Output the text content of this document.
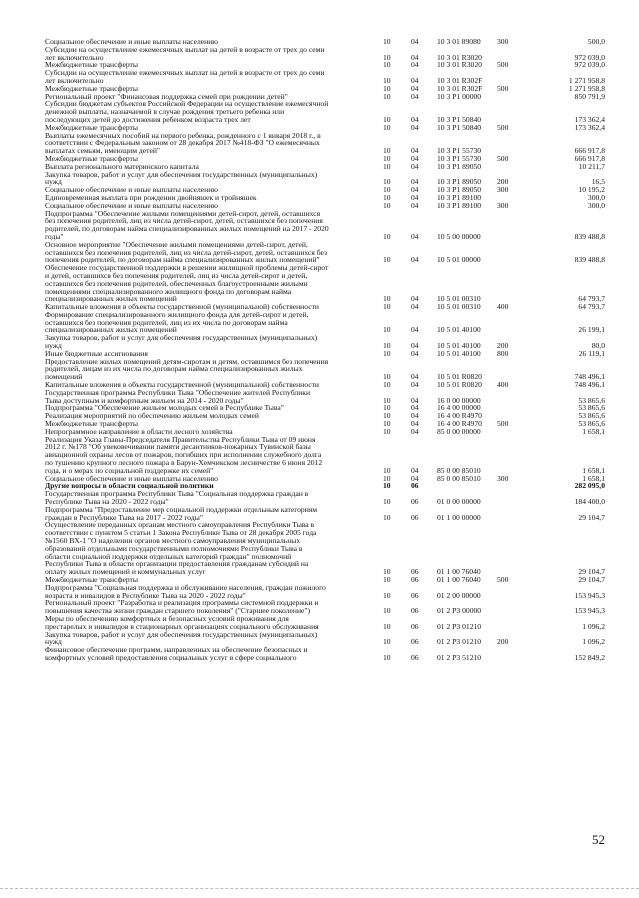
Социальное обеспечение и иные выплаты населению	10	04 10 3 01 89080 300	500,0
Субсидии на осуществление ежемесячных выплат на детей в возрасте от трех до семи
лет включительно	10	04 10 3 01 R3020	972 039,0
Межбюджетные трансферты	10	04 10 3 01 R3020 500	972 039,0
Субсидии на осуществление ежемесячных выплат на детей в возрасте от трех до семи
лет включительно	10	04 10 3 01 R302F	1 271 958,8
Межбюджетные трансферты	10	04 10 3 01 R302F 500	1 271 958,8
Региональный проект "Финансовая поддержка семей при рождении детей"	10	04 10 3 P1 00000	850 791,9
Субсидии бюджетам субъектов Российской Федерации на осуществление ежемесячной
денежной выплаты, назначаемой в случае рождения третьего ребенка или
последующих детей до достижения ребенком возраста трех лет	10	04 10 3 P1 50840	173 362,4
Межбюджетные трансферты	10	04 10 3 P1 50840 500	173 362,4
Выплаты ежемесячных пособий на первого ребенка, рожденного с 1 января 2018 г., в
соответствии с Федеральным законом от 28 декабря 2017 №418-ФЗ "О ежемесячных
выплатах семьям, имеющим детей"	10	04 10 3 P1 55730	666 917,8
Межбюджетные трансферты	10	04 10 3 P1 55730 500	666 917,8
Выплата регионального материнского капитала	10	04 10 3 P1 89050	10 211,7
Закупка товаров, работ и услуг для обеспечения государственных (муниципальных)
нужд	10	04 10 3 P1 89050 200	16,5
Социальное обеспечение и иные выплаты населению	10	04 10 3 P1 89050 300	10 195,2
Единовременная выплата при рождении двойняшек и тройняшек	10	04 10 3 P1 89100	300,0
Социальное обеспечение и иные выплаты населению	10	04 10 3 P1 89100 300	300,0
Подпрограмма "Обеспечение жилыми помещениями детей-сирот, детей, оставшихся
без попечения родителей, лиц из числа детей-сирот, детей, оставшихся без попечения
родителей, по договорам найма специализированных жилых помещений на 2017 - 2020
годы"	10	04 10 5 00 00000	839 488,8
Основное мероприятие "Обеспечение жилыми помещениями детей-сирот, детей,
оставшихся без попечения родителей, лиц из числа детей-сирот, детей, оставшихся без
попечения родителей, по договорам найма специализированных жилых помещений"	10	04 10 5 01 00000	839 488,8
Обеспечение государственной поддержки в решении жилищной проблемы детей-сирот
и детей, оставшихся без попечения родителей, лиц из числа детей-сирот и детей,
оставшихся без попечения родителей, обеспеченных благоустроенными жилыми
помещениями специализированного жилищного фонда по договорам найма
специализированных жилых помещений	10	04 10 5 01 00310	64 793,7
Капитальные вложения в объекты государственной (муниципальной) собственности	10	04 10 5 01 00310 400	64 793,7
Формирование специализированного жилищного фонда для детей-сирот и детей,
оставшихся без попечения родителей, лиц из их числа по договорам найма
специализированных жилых помещений	10	04 10 5 01 40100	26 199,1
Закупка товаров, работ и услуг для обеспечения государственных (муниципальных)
нужд	10	04 10 5 01 40100 200	80,0
Иные бюджетные ассигнования	10	04 10 5 01 40100 800	26 119,1
Предоставление жилых помещений детям-сиротам и детям, оставшимся без попечения
родителей, лицам из их числа по договорам найма специализированных жилых
помещений	10	04 10 5 01 R0820	748 496,1
Капитальные вложения в объекты государственной (муниципальной) собственности	10	04 10 5 01 R0820 400	748 496,1
Государственная программа Республики Тыва "Обеспечение жителей Республики
Тыва доступным и комфортным жильем на 2014 - 2020 годы"	10	04 16 0 00 00000	53 865,6
Подпрограмма "Обеспечение жильем молодых семей в Республике Тыва"	10	04 16 4 00 00000	53 865,6
Реализация мероприятий по обеспечению жильем молодых семей	10	04 16 4 00 R4970	53 865,6
Межбюджетные трансферты	10	04 16 4 00 R4970 500	53 865,6
Непрограммное направление в области лесного хозяйства	10	04 85 0 00 00000	1 658,1
Реализация Указа Главы-Председателя Правительства Республики Тыва от 09 июня
2012 г. №178 "Об увековечивании памяти десантников-пожарных Тувинской базы
авиационной охраны лесов от пожаров, погибших при исполнении служебного долга
по тушению крупного лесного пожара в Барун-Хемчикском лесничестве 6 июня 2012
года, и о мерах по социальной поддержке их семей"	10	04 85 0 00 85010	1 658,1
Социальное обеспечение и иные выплаты населению	10	04 85 0 00 85010 300	1 658,1
Другие вопросы в области социальной политики	10	06	282 095,0
Государственная программа Республики Тыва "Социальная поддержка граждан в
Республике Тыва на 2020 - 2022 годы"	10	06 01 0 00 00000	184 400,0
Подпрограмма "Предоставление мер социальной поддержки отдельным категориям
граждан в Республике Тыва на 2017 - 2022 годы"	10	06 01 1 00 00000	29 104,7
Осуществление переданных органам местного самоуправления Республики Тыва в
соответствии с пунктом 5 статьи 1 Закона Республики Тыва от 28 декабря 2005 года
№1560 ВХ-1 "О наделении органов местного самоуправления муниципальных
образований отдельными государственными полномочиями Республики Тыва в
области социальной поддержки отдельных категорий граждан" полномочий
Республики Тыва в области организации предоставления гражданам субсидий на
оплату жилых помещений и коммунальных услуг	10	06 01 1 00 76040	29 104,7
Межбюджетные трансферты	10	06 01 1 00 76040 500	29 104,7
Подпрограмма "Социальная поддержка и обслуживание населения, граждан пожилого
возраста и инвалидов в Республике Тыва на 2020 - 2022 годы"	10	06 01 2 00 00000	153 945,3
Региональный проект "Разработка и реализация программы системной поддержки и
повышения качества жизни граждан старшего поколения" ("Старшее поколение")	10	06 01 2 P3 00000	153 945,3
Меры по обеспечению комфортных и безопасных условий проживания для
престарелых и инвалидов в стационарных организациях социального обслуживания	10	06 01 2 P3 01210	1 096,2
Закупка товаров, работ и услуг для обеспечения государственных (муниципальных)
нужд	10	06 01 2 P3 01210 200	1 096,2
Финансовое обеспечение программ, направленных на обеспечение безопасных и
комфортных условий предоставления социальных услуг в сфере социального	10	06 01 2 P3 51210	152 849,2
52
